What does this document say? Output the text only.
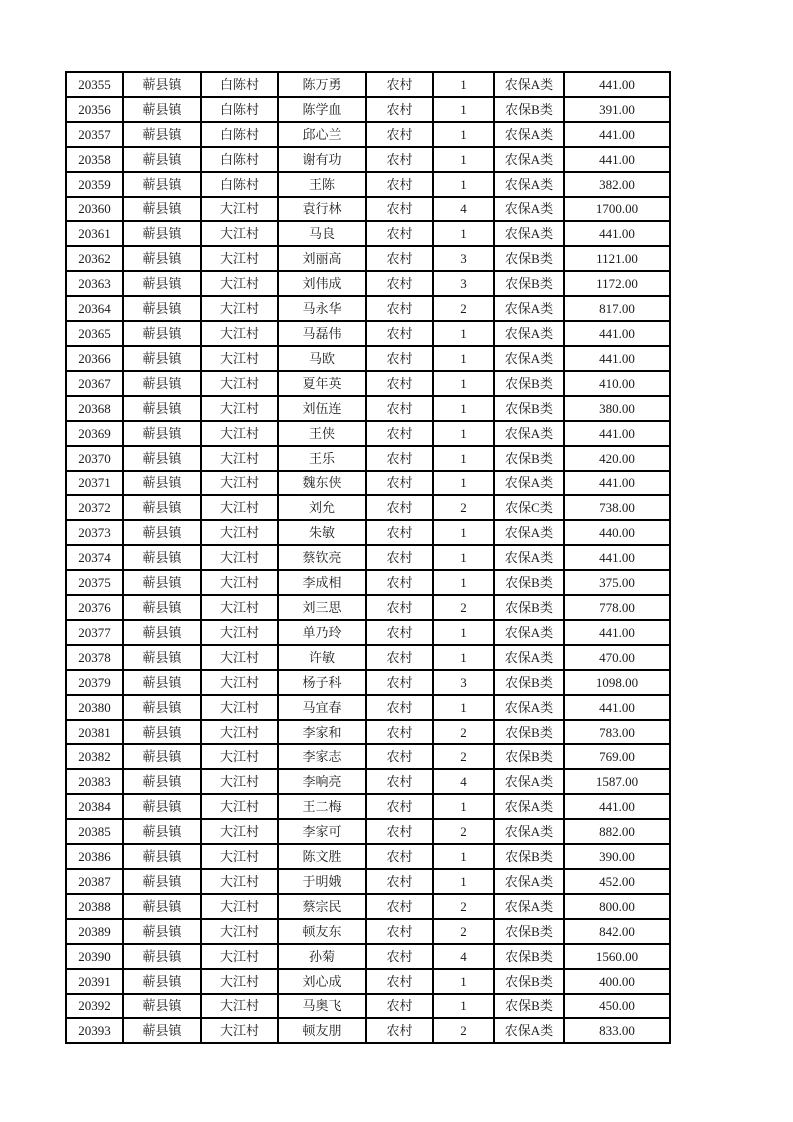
20355	蕲县镇	白陈村	陈万勇	农村	1	农保A类	441.00
20356	蕲县镇	白陈村	陈学血	农村	1	农保B类	391.00
20357	蕲县镇	白陈村	邱心兰	农村	1	农保A类	441.00
20358	蕲县镇	白陈村	谢有功	农村	1	农保A类	441.00
20359	蕲县镇	白陈村	王陈	农村	1	农保A类	382.00
20360	蕲县镇	大江村	袁行林	农村	4	农保A类	1700.00
20361	蕲县镇	大江村	马良	农村	1	农保A类	441.00
20362	蕲县镇	大江村	刘丽高	农村	3	农保B类	1121.00
20363	蕲县镇	大江村	刘伟成	农村	3	农保B类	1172.00
20364	蕲县镇	大江村	马永华	农村	2	农保A类	817.00
20365	蕲县镇	大江村	马磊伟	农村	1	农保A类	441.00
20366	蕲县镇	大江村	马欧	农村	1	农保A类	441.00
20367	蕲县镇	大江村	夏年英	农村	1	农保B类	410.00
20368	蕲县镇	大江村	刘伍连	农村	1	农保B类	380.00
20369	蕲县镇	大江村	王侠	农村	1	农保A类	441.00
20370	蕲县镇	大江村	王乐	农村	1	农保B类	420.00
20371	蕲县镇	大江村	魏东侠	农村	1	农保A类	441.00
20372	蕲县镇	大江村	刘允	农村	2	农保C类	738.00
20373	蕲县镇	大江村	朱敏	农村	1	农保A类	440.00
20374	蕲县镇	大江村	蔡钦亮	农村	1	农保A类	441.00
20375	蕲县镇	大江村	李成相	农村	1	农保B类	375.00
20376	蕲县镇	大江村	刘三思	农村	2	农保B类	778.00
20377	蕲县镇	大江村	单乃玲	农村	1	农保A类	441.00
20378	蕲县镇	大江村	许敏	农村	1	农保A类	470.00
20379	蕲县镇	大江村	杨子科	农村	3	农保B类	1098.00
20380	蕲县镇	大江村	马宜春	农村	1	农保A类	441.00
20381	蕲县镇	大江村	李家和	农村	2	农保B类	783.00
20382	蕲县镇	大江村	李家志	农村	2	农保B类	769.00
20383	蕲县镇	大江村	李响亮	农村	4	农保A类	1587.00
20384	蕲县镇	大江村	王二梅	农村	1	农保A类	441.00
20385	蕲县镇	大江村	李家可	农村	2	农保A类	882.00
20386	蕲县镇	大江村	陈文胜	农村	1	农保B类	390.00
20387	蕲县镇	大江村	于明娥	农村	1	农保A类	452.00
20388	蕲县镇	大江村	蔡宗民	农村	2	农保A类	800.00
20389	蕲县镇	大江村	顿友东	农村	2	农保B类	842.00
20390	蕲县镇	大江村	孙菊	农村	4	农保B类	1560.00
20391	蕲县镇	大江村	刘心成	农村	1	农保B类	400.00
20392	蕲县镇	大江村	马奥飞	农村	1	农保B类	450.00
20393	蕲县镇	大江村	顿友朋	农村	2	农保A类	833.00
